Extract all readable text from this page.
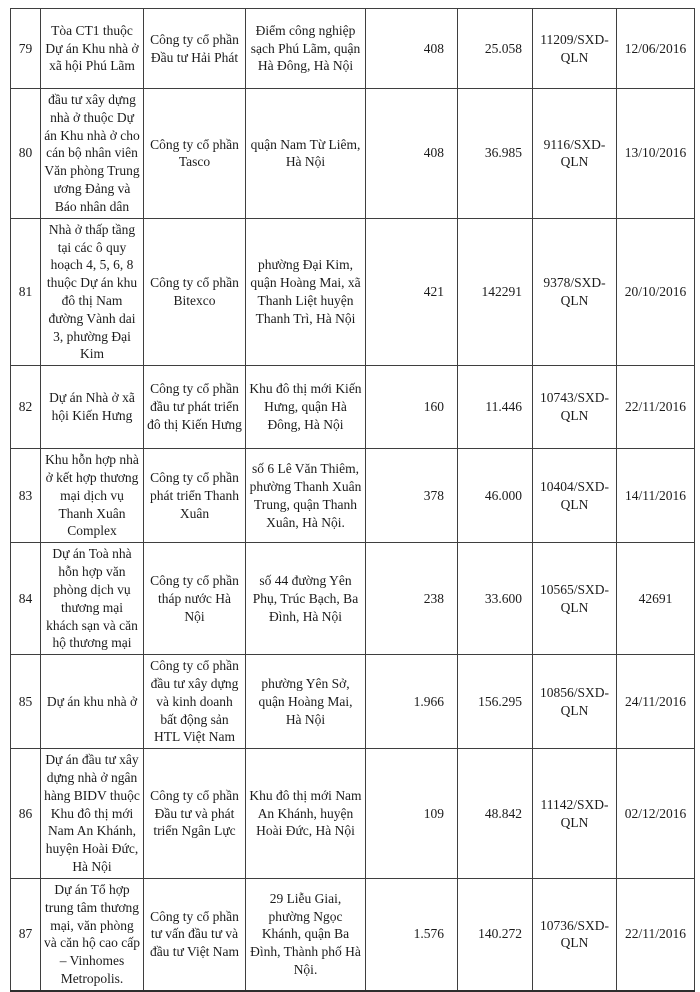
79	Tòa CT1 thuộc Dự án Khu nhà ở xã hội Phú Lãm	Công ty cổ phần Đầu tư Hải Phát	Điểm công nghiệp sạch Phú Lãm, quận Hà Đông, Hà Nội	408	25.058	11209/SXD-QLN	12/06/2016
80	đầu tư xây dựng nhà ở thuộc Dự án Khu nhà ở cho cán bộ nhân viên Văn phòng Trung ương Đảng và Báo nhân dân	Công ty cổ phần Tasco	quận Nam Từ Liêm, Hà Nội	408	36.985	9116/SXD-QLN	13/10/2016
81	Nhà ở thấp tầng tại các ô quy hoạch 4, 5, 6, 8 thuộc Dự án khu đô thị Nam đường Vành dai 3, phường Đại Kim	Công ty cổ phần Bitexco	phường Đại Kim, quận Hoàng Mai, xã Thanh Liệt huyện Thanh Trì, Hà Nội	421	142291	9378/SXD-QLN	20/10/2016
82	Dự án Nhà ở xã hội Kiến Hưng	Công ty cổ phần đầu tư phát triển đô thị Kiến Hưng	Khu đô thị mới Kiến Hưng, quận Hà Đông, Hà Nội	160	11.446	10743/SXD-QLN	22/11/2016
83	Khu hỗn hợp nhà ở kết hợp thương mại dịch vụ Thanh Xuân Complex	Công ty cổ phần phát triển Thanh Xuân	số 6 Lê Văn Thiêm, phường Thanh Xuân Trung, quận Thanh Xuân, Hà Nội.	378	46.000	10404/SXD-QLN	14/11/2016
84	Dự án Toà nhà hỗn hợp văn phòng dịch vụ thương mại khách sạn và căn hộ thương mại	Công ty cổ phần tháp nước Hà Nội	số 44 đường Yên Phụ, Trúc Bạch, Ba Đình, Hà Nội	238	33.600	10565/SXD-QLN	42691
85	Dự án khu nhà ở	Công ty cổ phần đầu tư xây dựng và kinh doanh bất động sản HTL Việt Nam	phường Yên Sở, quận Hoàng Mai, Hà Nội	1.966	156.295	10856/SXD-QLN	24/11/2016
86	Dự án đầu tư xây dựng nhà ở ngân hàng BIDV thuộc Khu đô thị mới Nam An Khánh, huyện Hoài Đức, Hà Nội	Công ty cổ phần Đầu tư và phát triển Ngân Lực	Khu đô thị mới Nam An Khánh, huyện Hoài Đức, Hà Nội	109	48.842	11142/SXD-QLN	02/12/2016
87	Dự án Tổ hợp trung tâm thương mại, văn phòng và căn hộ cao cấp – Vinhomes Metropolis.	Công ty cổ phần tư vấn đầu tư và đầu tư Việt Nam	29 Liễu Giai, phường Ngọc Khánh, quận Ba Đình, Thành phố Hà Nội.	1.576	140.272	10736/SXD-QLN	22/11/2016
